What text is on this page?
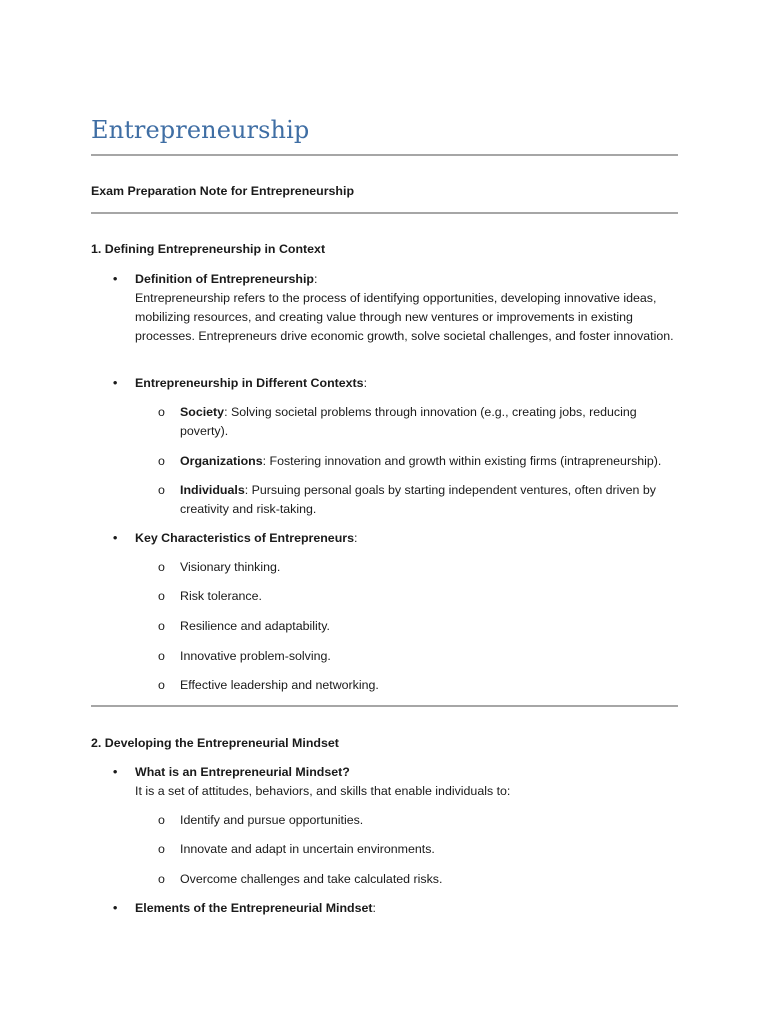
Entrepreneurship
Exam Preparation Note for Entrepreneurship
1. Defining Entrepreneurship in Context
• Definition of Entrepreneurship:
Entrepreneurship refers to the process of identifying opportunities, developing innovative ideas, mobilizing resources, and creating value through new ventures or improvements in existing processes. Entrepreneurs drive economic growth, solve societal challenges, and foster innovation.
• Entrepreneurship in Different Contexts:
o Society: Solving societal problems through innovation (e.g., creating jobs, reducing poverty).
o Organizations: Fostering innovation and growth within existing firms (intrapreneurship).
o Individuals: Pursuing personal goals by starting independent ventures, often driven by creativity and risk-taking.
• Key Characteristics of Entrepreneurs:
o Visionary thinking.
o Risk tolerance.
o Resilience and adaptability.
o Innovative problem-solving.
o Effective leadership and networking.
2. Developing the Entrepreneurial Mindset
• What is an Entrepreneurial Mindset?
It is a set of attitudes, behaviors, and skills that enable individuals to:
o Identify and pursue opportunities.
o Innovate and adapt in uncertain environments.
o Overcome challenges and take calculated risks.
• Elements of the Entrepreneurial Mindset:
